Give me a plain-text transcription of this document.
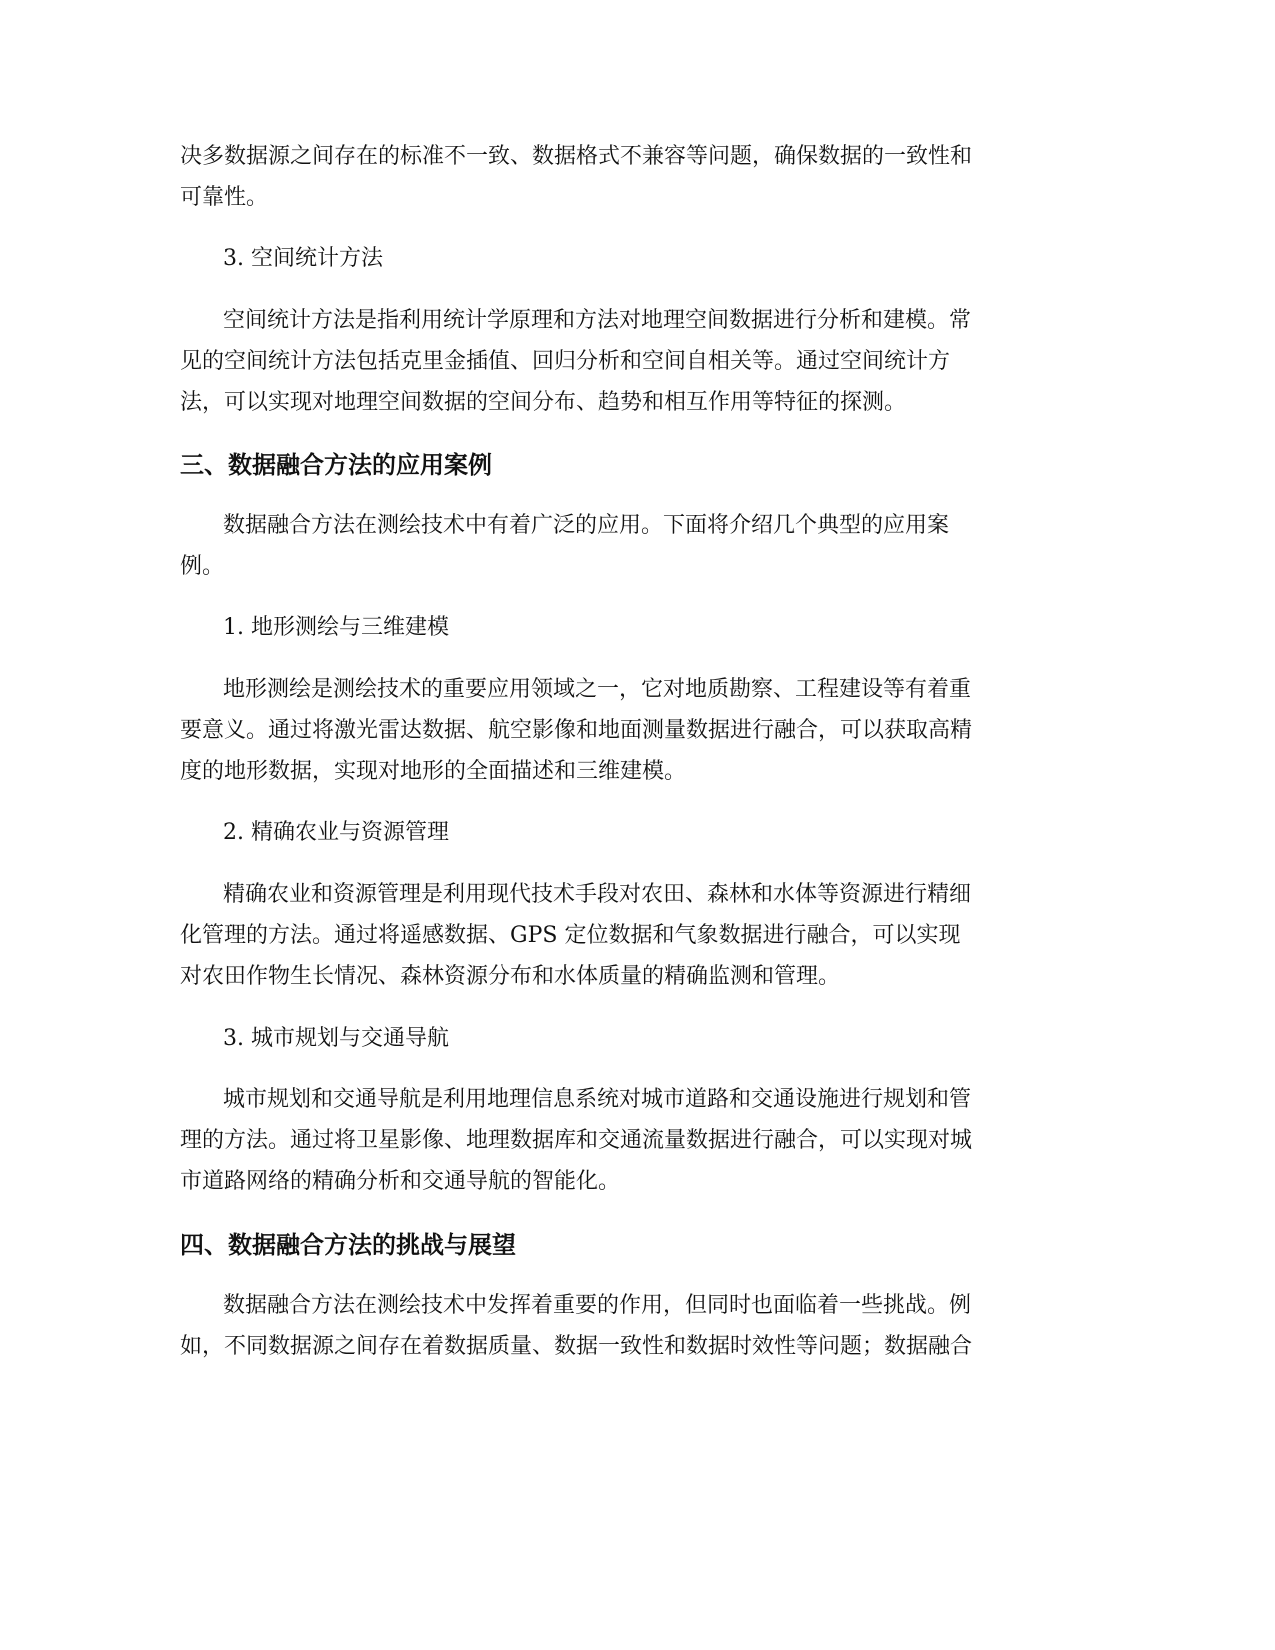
决多数据源之间存在的标准不一致、数据格式不兼容等问题，确保数据的一致性和
可靠性。
3. 空间统计方法
空间统计方法是指利用统计学原理和方法对地理空间数据进行分析和建模。常
见的空间统计方法包括克里金插值、回归分析和空间自相关等。通过空间统计方
法，可以实现对地理空间数据的空间分布、趋势和相互作用等特征的探测。
三、数据融合方法的应用案例
数据融合方法在测绘技术中有着广泛的应用。下面将介绍几个典型的应用案
例。
1. 地形测绘与三维建模
地形测绘是测绘技术的重要应用领域之一，它对地质勘察、工程建设等有着重
要意义。通过将激光雷达数据、航空影像和地面测量数据进行融合，可以获取高精
度的地形数据，实现对地形的全面描述和三维建模。
2. 精确农业与资源管理
精确农业和资源管理是利用现代技术手段对农田、森林和水体等资源进行精细
化管理的方法。通过将遥感数据、GPS 定位数据和气象数据进行融合，可以实现
对农田作物生长情况、森林资源分布和水体质量的精确监测和管理。
3. 城市规划与交通导航
城市规划和交通导航是利用地理信息系统对城市道路和交通设施进行规划和管
理的方法。通过将卫星影像、地理数据库和交通流量数据进行融合，可以实现对城
市道路网络的精确分析和交通导航的智能化。
四、数据融合方法的挑战与展望
数据融合方法在测绘技术中发挥着重要的作用，但同时也面临着一些挑战。例
如，不同数据源之间存在着数据质量、数据一致性和数据时效性等问题；数据融合
